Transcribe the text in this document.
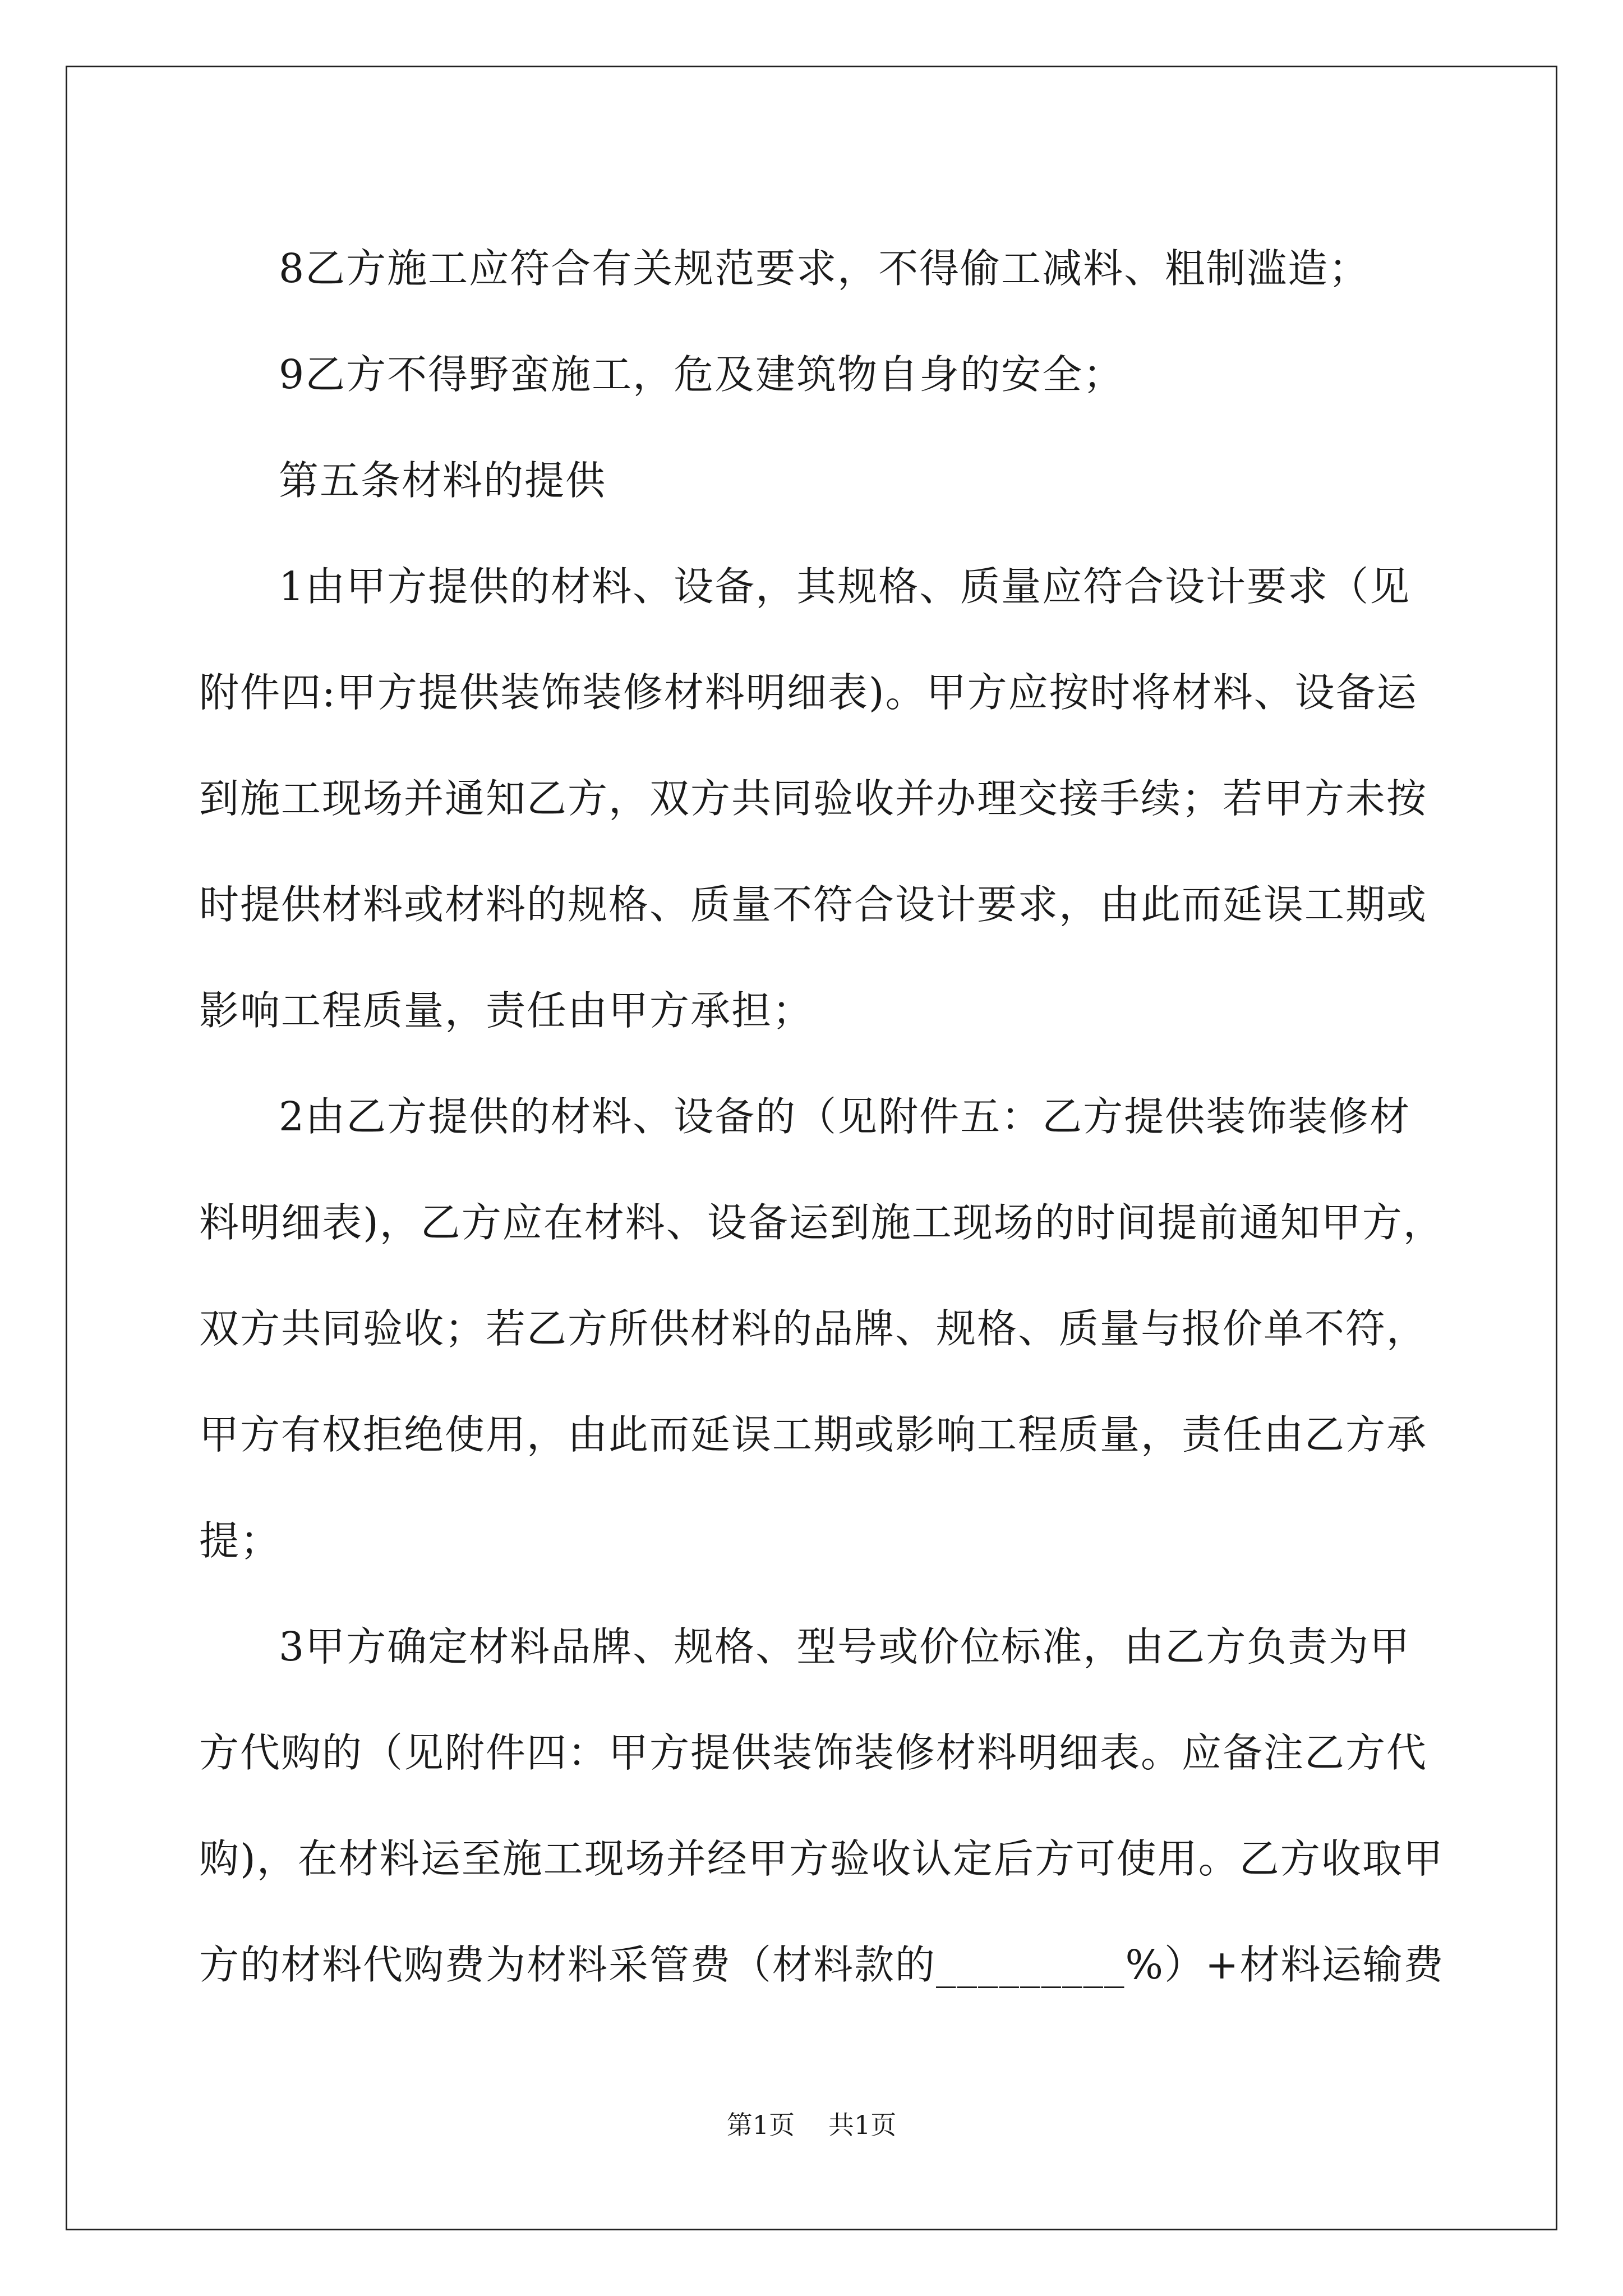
8乙方施工应符合有关规范要求，不得偷工减料、粗制滥造；
9乙方不得野蛮施工，危及建筑物自身的安全；
第五条材料的提供
1由甲方提供的材料、设备，其规格、质量应符合设计要求（见
附件四:甲方提供装饰装修材料明细表)。甲方应按时将材料、设备运
到施工现场并通知乙方，双方共同验收并办理交接手续；若甲方未按
时提供材料或材料的规格、质量不符合设计要求，由此而延误工期或
影响工程质量，责任由甲方承担；
2由乙方提供的材料、设备的（见附件五：乙方提供装饰装修材
料明细表)，乙方应在材料、设备运到施工现场的时间提前通知甲方，
双方共同验收；若乙方所供材料的品牌、规格、质量与报价单不符，
甲方有权拒绝使用，由此而延误工期或影响工程质量，责任由乙方承
提；
3甲方确定材料品牌、规格、型号或价位标准，由乙方负责为甲
方代购的（见附件四：甲方提供装饰装修材料明细表。应备注乙方代
购)，在材料运至施工现场并经甲方验收认定后方可使用。乙方收取甲
方的材料代购费为材料采管费（材料款的_________%）+材料运输费
第1页 共1页
